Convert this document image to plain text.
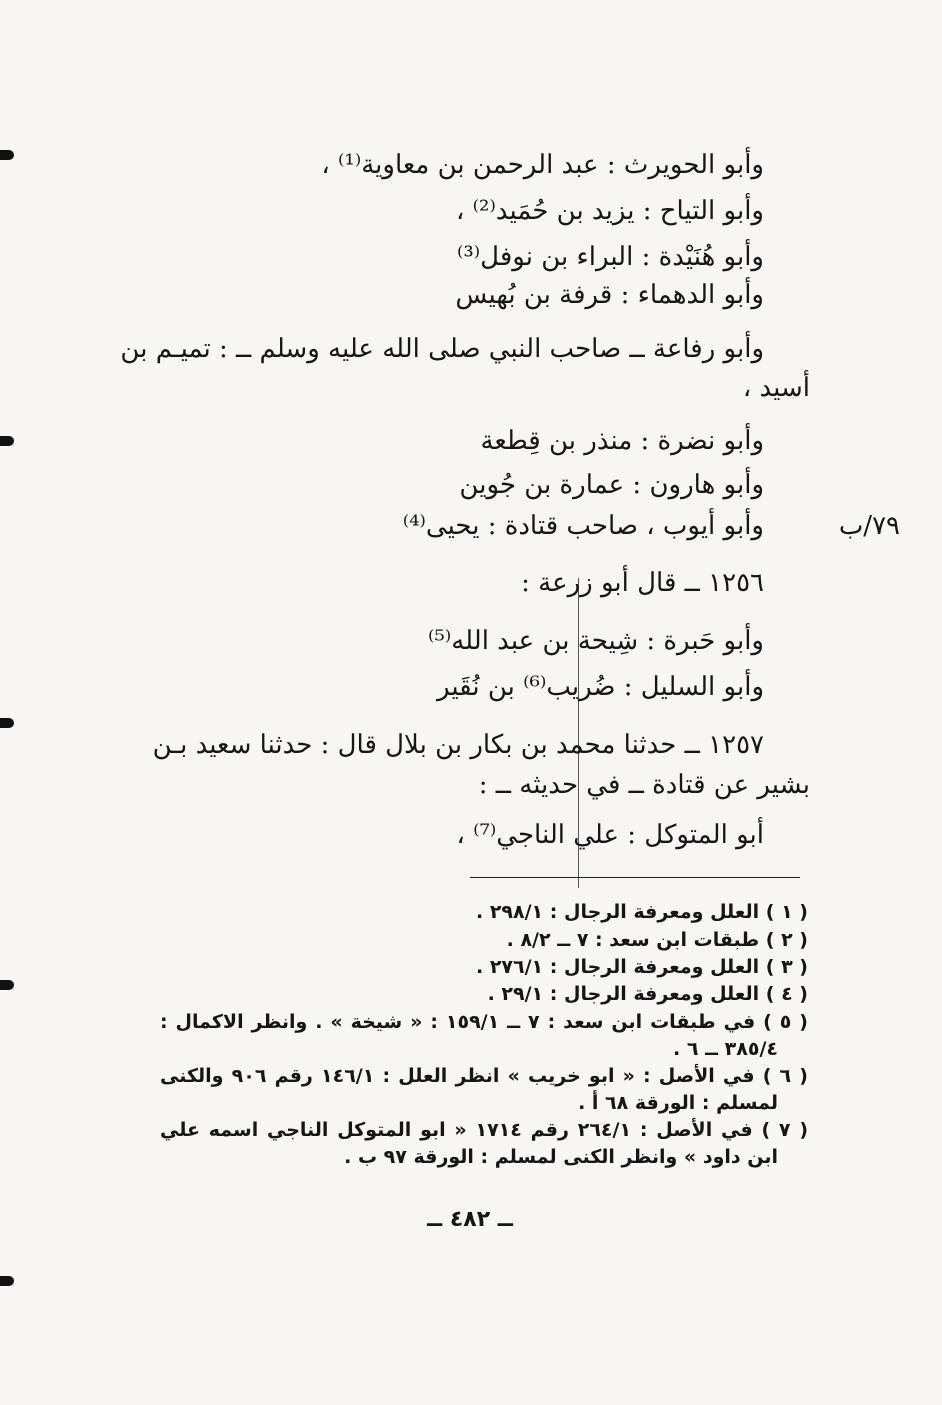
وأبو الحويرث : عبد الرحمن بن معاوية⁽¹⁾ ،
وأبو التياح : يزيد بن حُمَيد⁽²⁾ ،
وأبو هُنَيْدة : البراء بن نوفل⁽³⁾
وأبو الدهماء : قرفة بن بُهيس
وأبو رفاعة ــ صاحب النبي صلى الله عليه وسلم ــ : تميـم بن
أسيد ،
وأبو نضرة : منذر بن قِطعة
وأبو هارون : عمارة بن جُوين
وأبو أيوب ، صاحب قتادة : يحيى⁽⁴⁾
١٢٥٦ ــ قال أبو زرعة :
وأبو حَبرة : شِيحة بن عبد الله⁽⁵⁾
وأبو السليل : ضُريب⁽⁶⁾ بن نُقَير
١٢٥٧ ــ حدثنا محمد بن بكار بن بلال قال : حدثنا سعيد بـن
بشير عن قتادة ــ في حديثه ــ :
أبو المتوكل : علي الناجي⁽⁷⁾ ،
٧٩/ب
( ١ ) العلل ومعرفة الرجال : ٢٩٨/١ .
( ٢ ) طبقات ابن سعد : ٧ ــ ٨/٢ .
( ٣ ) العلل ومعرفة الرجال : ٢٧٦/١ .
( ٤ ) العلل ومعرفة الرجال : ٢٩/١ .
( ٥ ) في طبقات ابن سعد : ٧ ــ ١٥٩/١ : « شيخة » . وانظر الاكمال :
٣٨٥/٤ ــ ٦ .
( ٦ ) في الأصل : « ابو خريب » انظر العلل : ١٤٦/١ رقم ٩٠٦ والكنى
لمسلم : الورقة ٦٨ أ .
( ٧ ) في الأصل : ٢٦٤/١ رقم ١٧١٤ « ابو المتوكل الناجي اسمه علي
ابن داود » وانظر الكنى لمسلم : الورقة ٩٧ ب .
ــ ٤٨٢ ــ
